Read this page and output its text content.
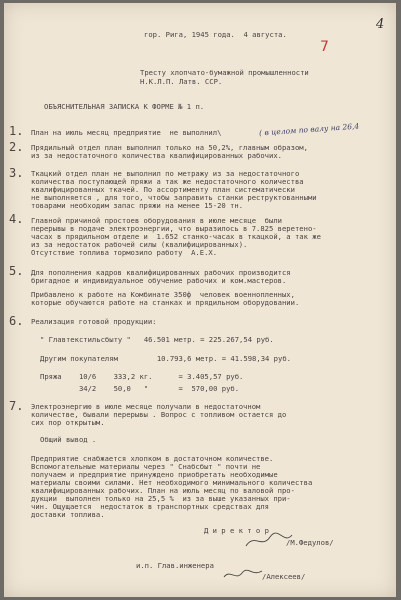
гор. Рига, 1945 года.  4 августа.
4
7
Тресту хлопчато-бумажной промышленности
Н.К.Л.П. Латв. ССР.
ОБЪЯСНИТЕЛЬНАЯ ЗАПИСКА К ФОРМЕ № 1 п.
1. План на июль месяц предприятие  не выполнил\	( в целом по валу на 26,4
2. Прядильный отдел план выполнил только на 50,2%, главным образом,
из за недостаточного количества квалифицированных рабочих.
3. Ткацкий отдел план не выполнил по метражу из за недостаточного
количества поступающей пряжи а так же недостаточного количества
квалифицированных ткачей. По ассортименту план систематически
не выполняется , для того, чтобы заправить станки реструктованными
товарами необходим запас пряжи на менее 15-20 тн.
4. Главной причиной простоев оборудования в июле месяце  были
перерывы в подаче электроэнергии, что выразилось в 7.825 веретено-
часах в прядильном отделе и  1.652 станко-часах в ткацкой, а так же
из за недостаток рабочей силы (квалифицированных).
Отсутствие топлива тормозило работу  А.Е.Х.
5. Для пополнения кадров квалифицированных рабочих производится
бригадное и индивидуальное обучение рабочих и ком.мастеров.
Прибавлено к работе на Комбинате 350ф  человек военнопленных,
которые обучаются работе на станках и прядильном оборудовании.
6. Реализация готовой продукции:
" Главтекстильсбыту "   46.501 метр. = 225.267,54 руб.
Другим покупателям         10.793,6 метр. = 41.598,34 руб.
Пряжа    10/6    333,2 кг.      = 3.405,57 руб.
34/2    50,0   "       =  570,00 руб.
7. Электроэнергию в июле месяце получали в недостаточном
количестве, бывали перерывы . Вопрос с топливом остается до
сих пор открытым.
Общий вывод .
Предприятие снабжается хлопком в достаточном количестве.
Вспомогательные материалы через " Снабсбыт " почти не
получаем и предприятие принуждено приобретать необходимые
материалы своими силами. Нет необходимого минимального количества
квалифицированных рабочих. План на июль месяц по валовой про-
дукции  выполнен только на 25,5 %  из за выше указанных при-
чин. Ощущается  недостаток в транспортных средствах для
доставки топлива.
Д и р е к т о р
/М.Федулов/
и.п. Глав.инженера
/Алексеев/
